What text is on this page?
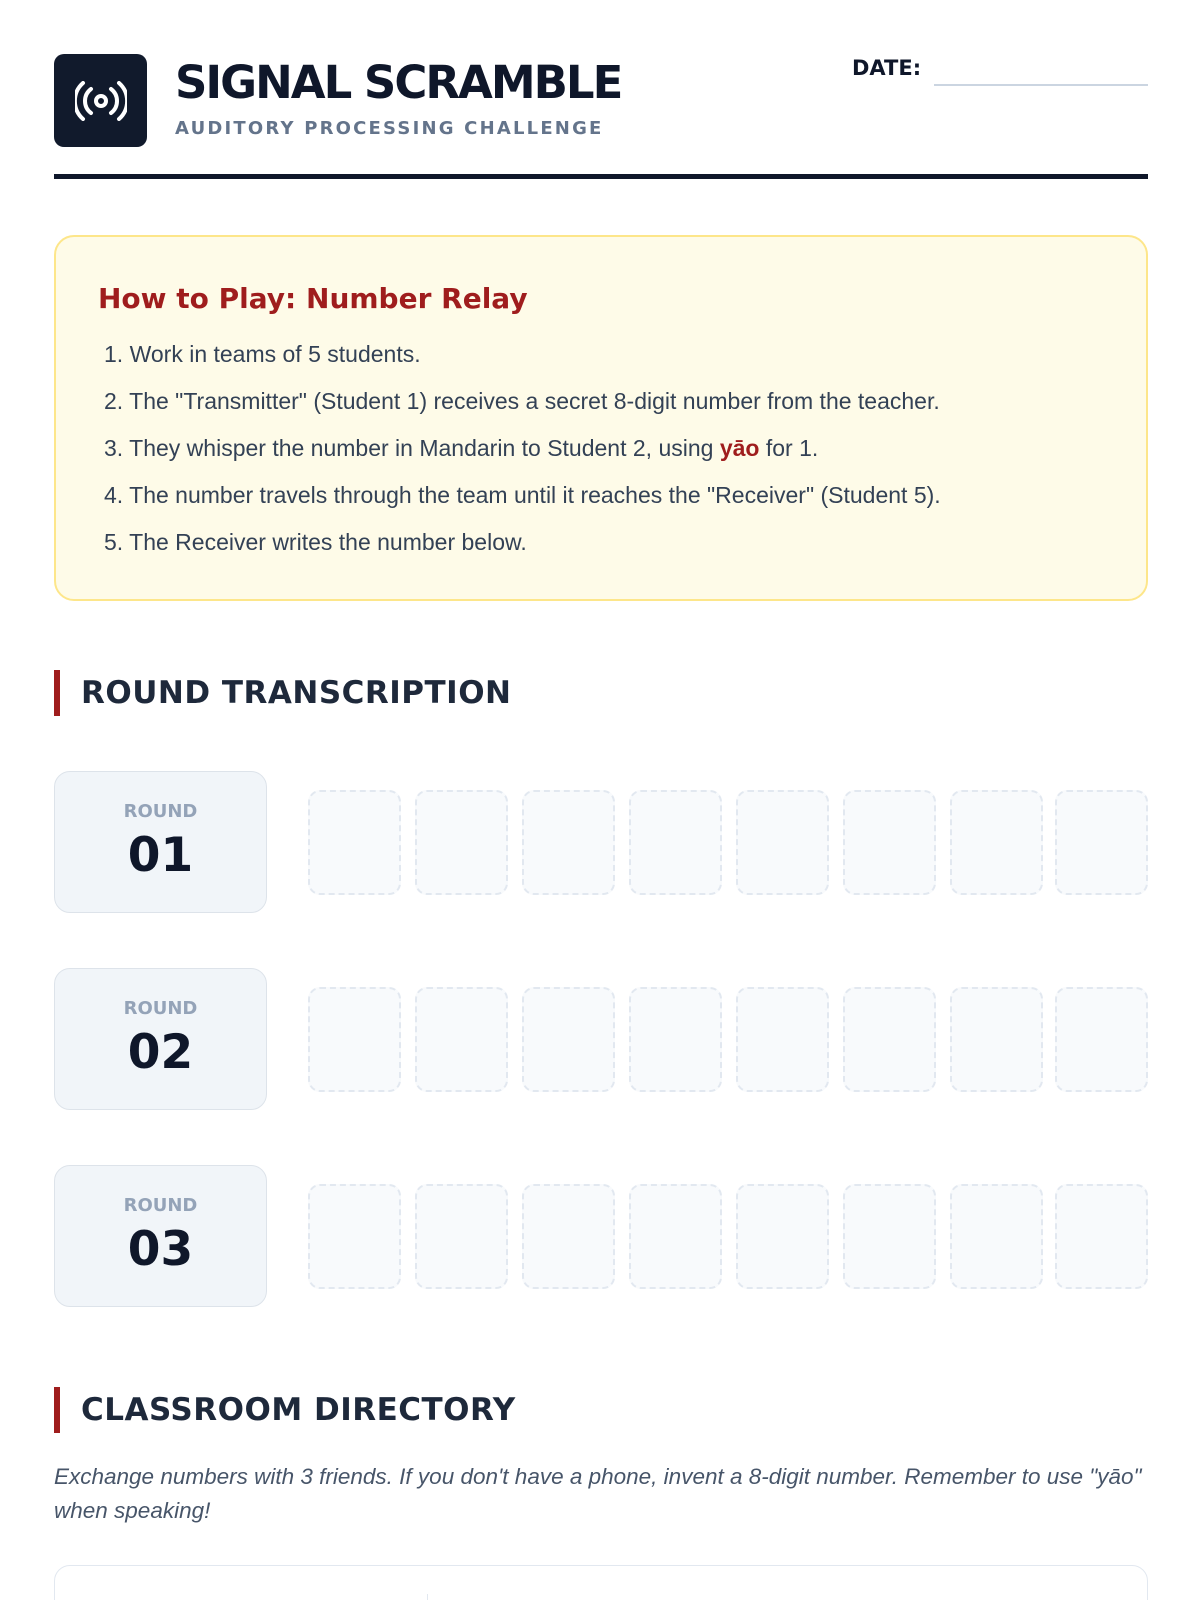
SIGNAL SCRAMBLE
AUDITORY PROCESSING CHALLENGE
DATE:
How to Play: Number Relay
1. Work in teams of 5 students.
2. The "Transmitter" (Student 1) receives a secret 8-digit number from the teacher.
3. They whisper the number in Mandarin to Student 2, using yāo for 1.
4. The number travels through the team until it reaches the "Receiver" (Student 5).
5. The Receiver writes the number below.
ROUND TRANSCRIPTION
ROUND
01
ROUND
02
ROUND
03
CLASSROOM DIRECTORY
Exchange numbers with 3 friends. If you don't have a phone, invent a 8-digit number. Remember to use "yāo" when speaking!
